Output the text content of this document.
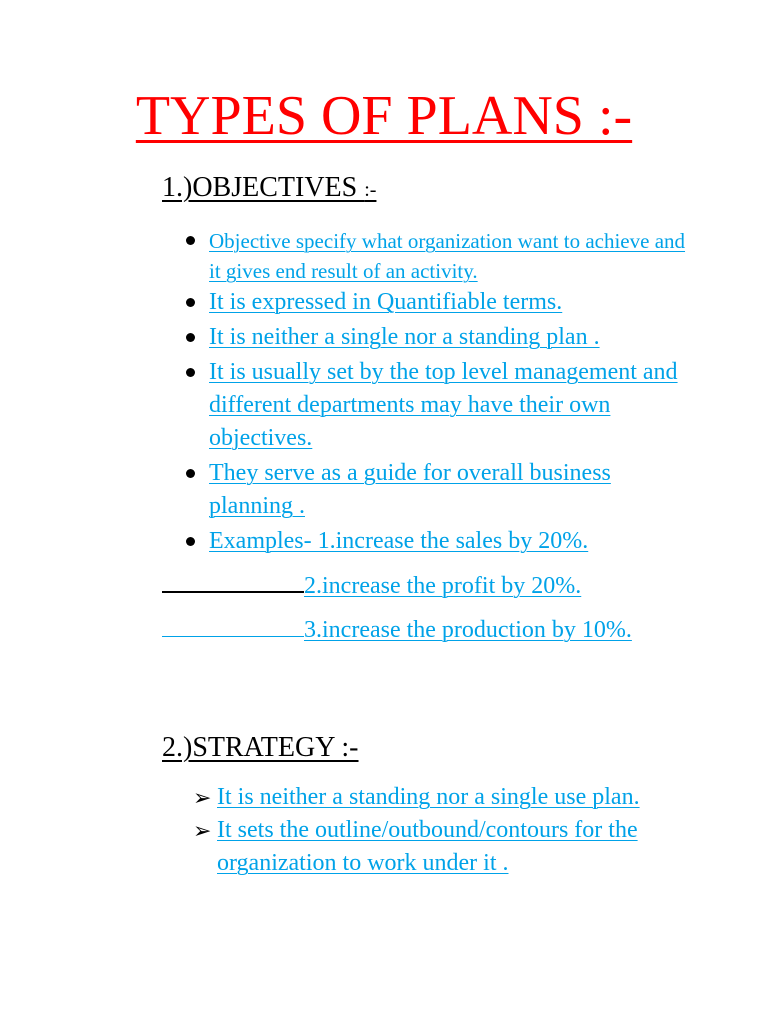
TYPES OF PLANS :-
1.)OBJECTIVES :-
Objective specify what organization want to achieve and it gives end result of an activity.
It is expressed in Quantifiable terms.
It is neither a single nor a standing plan .
It is usually set by the top level management and different departments may have their own objectives.
They serve as a guide for overall business planning .
Examples- 1.increase the sales by 20%.

2.increase the profit by 20%.

3.increase the production by 10%.

2.)STRATEGY :-
➢ It is neither a standing nor a single use plan.
➢ It sets the outline/outbound/contours for the organization to work under it .
